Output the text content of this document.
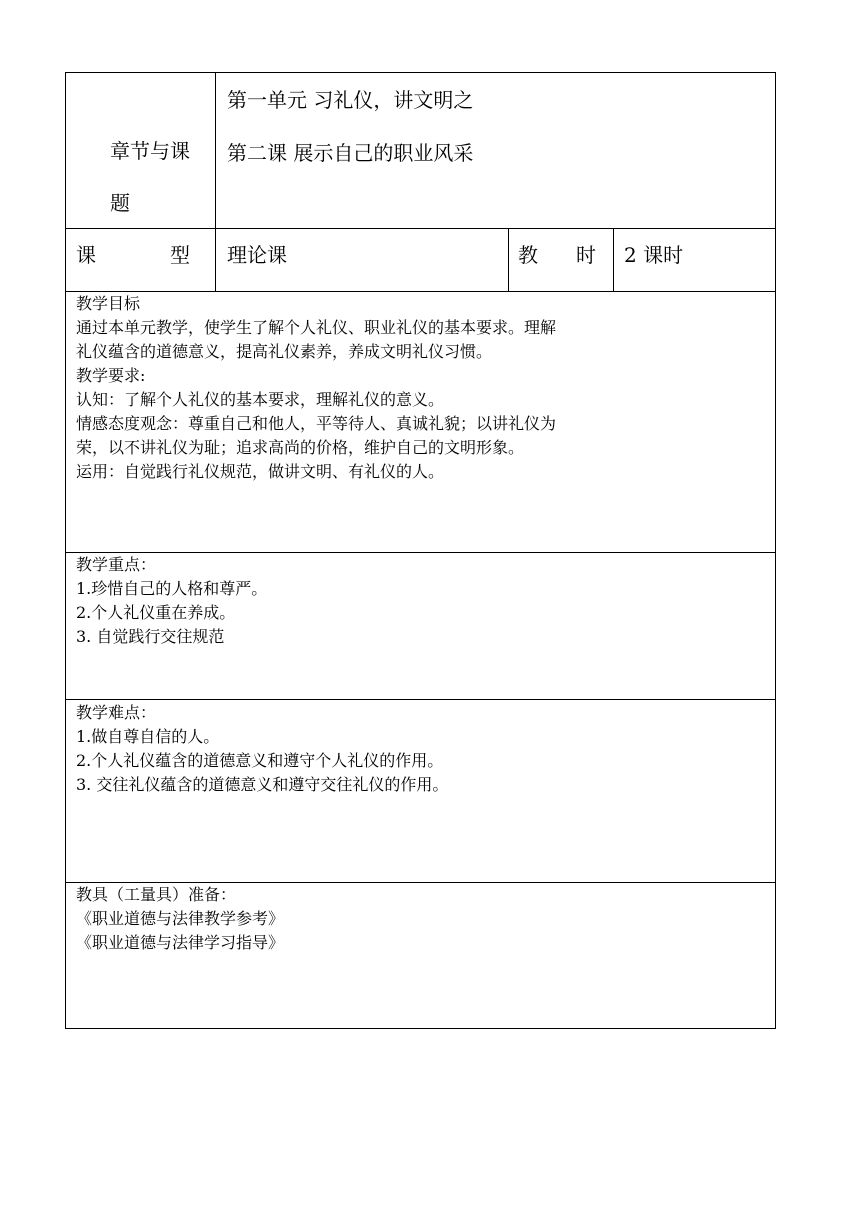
章节与课
题
第一单元 习礼仪，讲文明之
第二课 展示自己的职业风采
课	型 理论课	教 时 2 课时
教学目标
通过本单元教学，使学生了解个人礼仪、职业礼仪的基本要求。理解
礼仪蕴含的道德意义，提高礼仪素养，养成文明礼仪习惯。
教学要求:
认知：了解个人礼仪的基本要求，理解礼仪的意义。
情感态度观念：尊重自己和他人，平等待人、真诚礼貌；以讲礼仪为
荣，以不讲礼仪为耻；追求高尚的价格，维护自己的文明形象。
运用：自觉践行礼仪规范，做讲文明、有礼仪的人。
教学重点：
1.珍惜自己的人格和尊严。
2.个人礼仪重在养成。
3. 自觉践行交往规范
教学难点：
1.做自尊自信的人。
2.个人礼仪蕴含的道德意义和遵守个人礼仪的作用。
3. 交往礼仪蕴含的道德意义和遵守交往礼仪的作用。
教具（工量具）准备：
《职业道德与法律教学参考》
《职业道德与法律学习指导》
